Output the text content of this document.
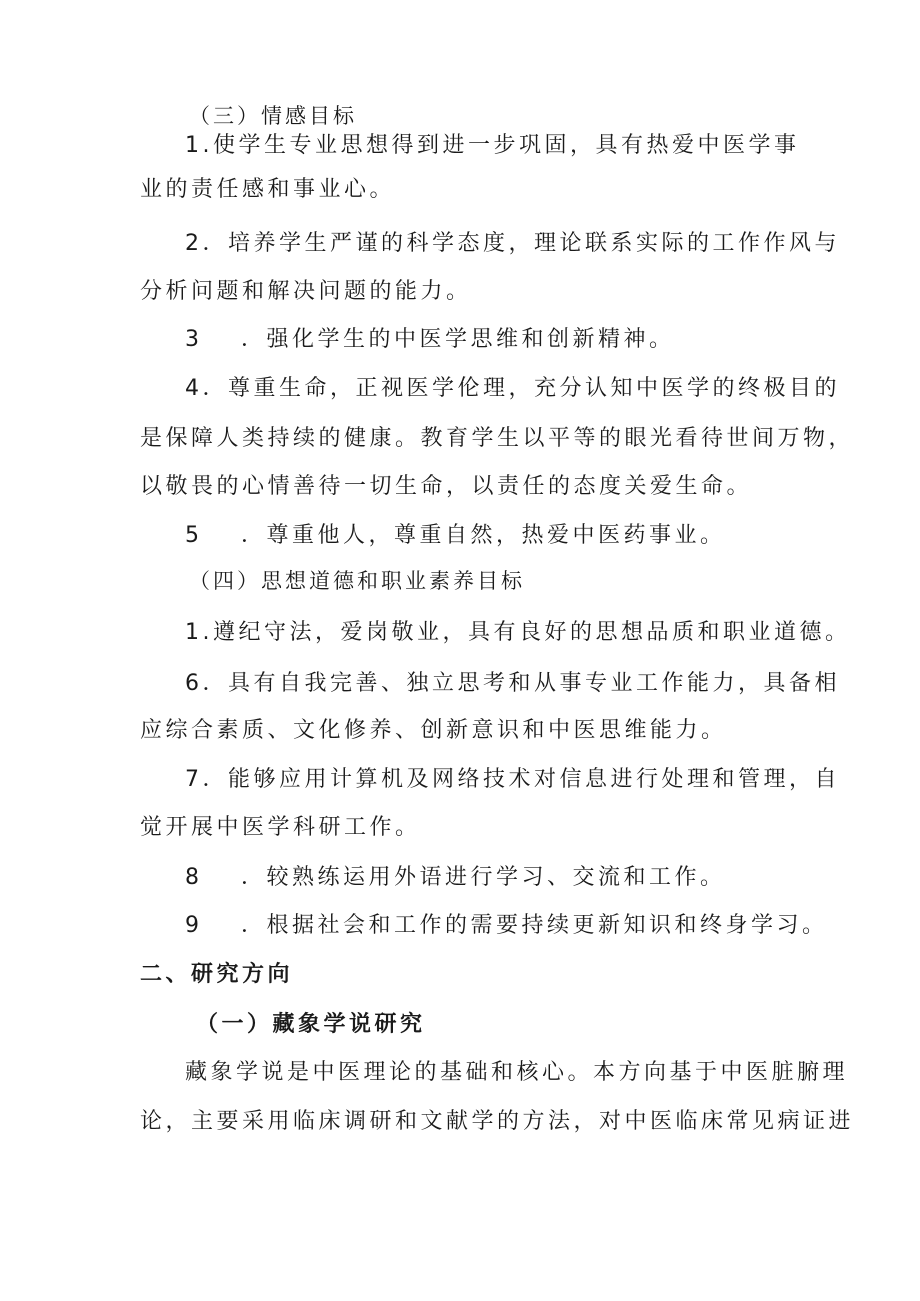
（三）情感目标
1.使学生专业思想得到进一步巩固，具有热爱中医学事
业的责任感和事业心。
2．培养学生严谨的科学态度，理论联系实际的工作作风与
分析问题和解决问题的能力。
3 ．强化学生的中医学思维和创新精神。
4．尊重生命，正视医学伦理，充分认知中医学的终极目的
是保障人类持续的健康。教育学生以平等的眼光看待世间万物，
以敬畏的心情善待一切生命，以责任的态度关爱生命。
5 ．尊重他人，尊重自然，热爱中医药事业。
（四）思想道德和职业素养目标
1.遵纪守法，爱岗敬业，具有良好的思想品质和职业道德。
6．具有自我完善、独立思考和从事专业工作能力，具备相
应综合素质、文化修养、创新意识和中医思维能力。
7．能够应用计算机及网络技术对信息进行处理和管理，自
觉开展中医学科研工作。
8 ．较熟练运用外语进行学习、交流和工作。
9 ．根据社会和工作的需要持续更新知识和终身学习。
二、研究方向
（一）藏象学说研究
藏象学说是中医理论的基础和核心。本方向基于中医脏腑理
论，主要采用临床调研和文献学的方法，对中医临床常见病证进
